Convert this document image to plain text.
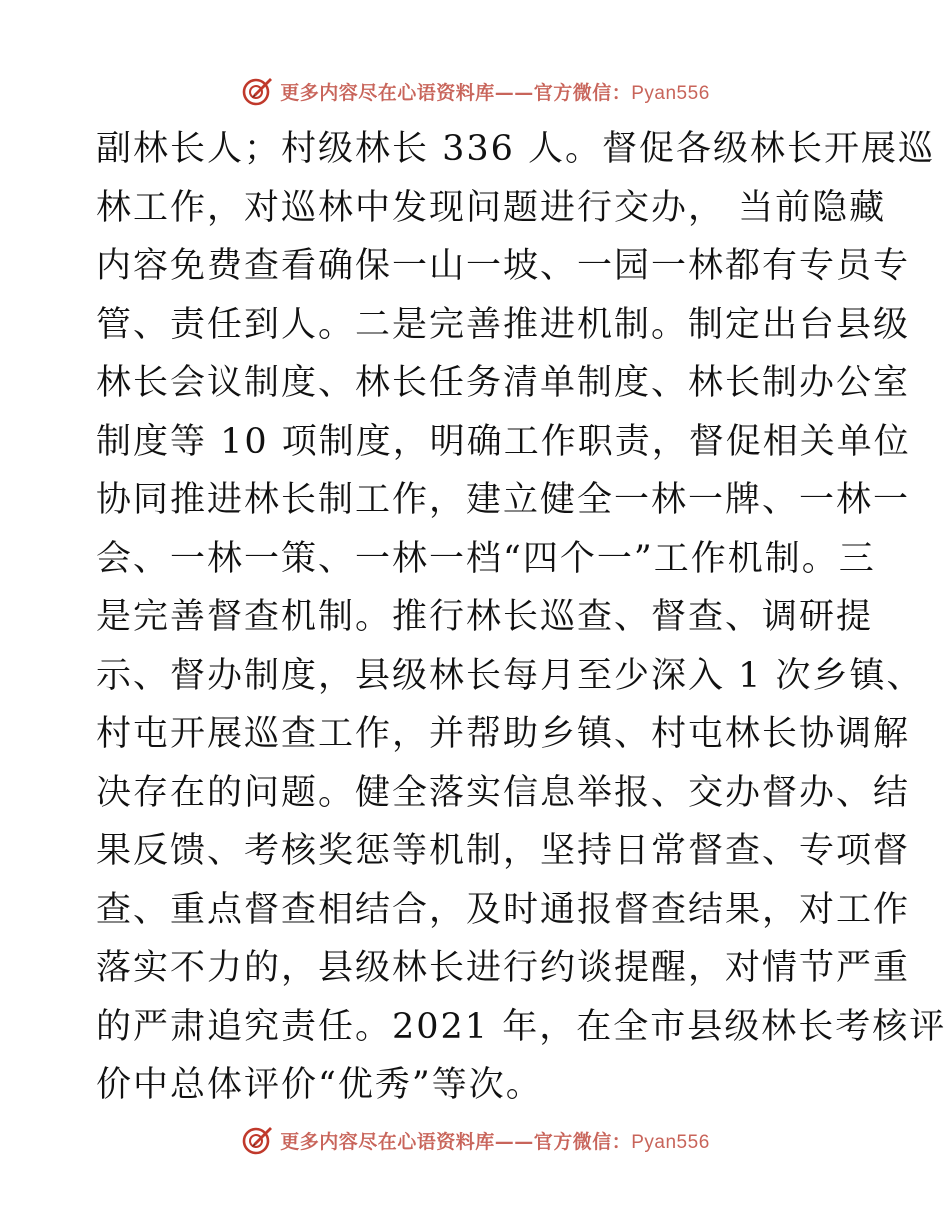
更多内容尽在心语资料库——官方微信：Pyan556
副林长人；村级林长 336 人。督促各级林长开展巡
林工作，对巡林中发现问题进行交办， 当前隐藏
内容免费查看确保一山一坡、一园一林都有专员专
管、责任到人。二是完善推进机制。制定出台县级
林长会议制度、林长任务清单制度、林长制办公室
制度等 10 项制度，明确工作职责，督促相关单位
协同推进林长制工作，建立健全一林一牌、一林一
会、一林一策、一林一档“四个一”工作机制。三
是完善督查机制。推行林长巡查、督查、调研提
示、督办制度，县级林长每月至少深入 1 次乡镇、
村屯开展巡查工作，并帮助乡镇、村屯林长协调解
决存在的问题。健全落实信息举报、交办督办、结
果反馈、考核奖惩等机制，坚持日常督查、专项督
查、重点督查相结合，及时通报督查结果，对工作
落实不力的，县级林长进行约谈提醒，对情节严重
的严肃追究责任。2021 年，在全市县级林长考核评
价中总体评价“优秀”等次。
更多内容尽在心语资料库——官方微信：Pyan556
